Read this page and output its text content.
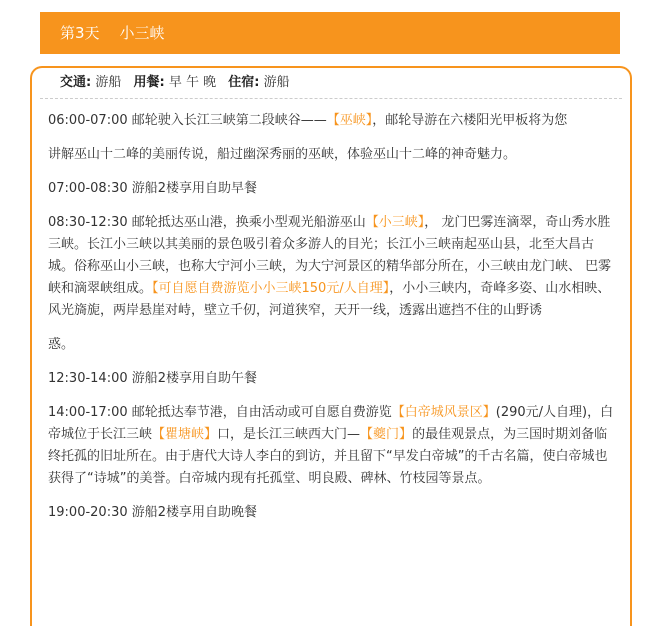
第3天 小三峡
交通: 游船 用餐: 早 午 晚 住宿: 游船

06:00-07:00 邮轮驶入长江三峡第二段峡谷——【巫峡】，邮轮导游在六楼阳光甲板将为您

讲解巫山十二峰的美丽传说，船过幽深秀丽的巫峡，体验巫山十二峰的神奇魅力。

07:00-08:30 游船2楼享用自助早餐

08:30-12:30 邮轮抵达巫山港，换乘小型观光船游巫山【小三峡】， 龙门巴雾连滴翠，奇山秀水胜三峡。长江小三峡以其美丽的景色吸引着众多游人的目光；长江小三峡南起巫山县，北至大昌古城。俗称巫山小三峡，也称大宁河小三峡，为大宁河景区的精华部分所在，小三峡由龙门峡、 巴雾峡和滴翠峡组成。【可自愿自费游览小小三峡150元/人自理】，小小三峡内，奇峰多姿、山水相映、风光旖旎，两岸悬崖对峙，壁立千仞，河道狭窄，天开一线，透露出遮挡不住的山野诱

惑。

12:30-14:00 游船2楼享用自助午餐

14:00-17:00 邮轮抵达奉节港，自由活动或可自愿自费游览【白帝城风景区】(290元/人自理)，白帝城位于长江三峡【瞿塘峡】口，是长江三峡西大门—【夔门】的最佳观景点，为三国时期刘备临终托孤的旧址所在。由于唐代大诗人李白的到访，并且留下“早发白帝城”的千古名篇，使白帝城也获得了“诗城”的美誉。白帝城内现有托孤堂、明良殿、碑林、竹枝园等景点。

19:00-20:30 游船2楼享用自助晚餐
